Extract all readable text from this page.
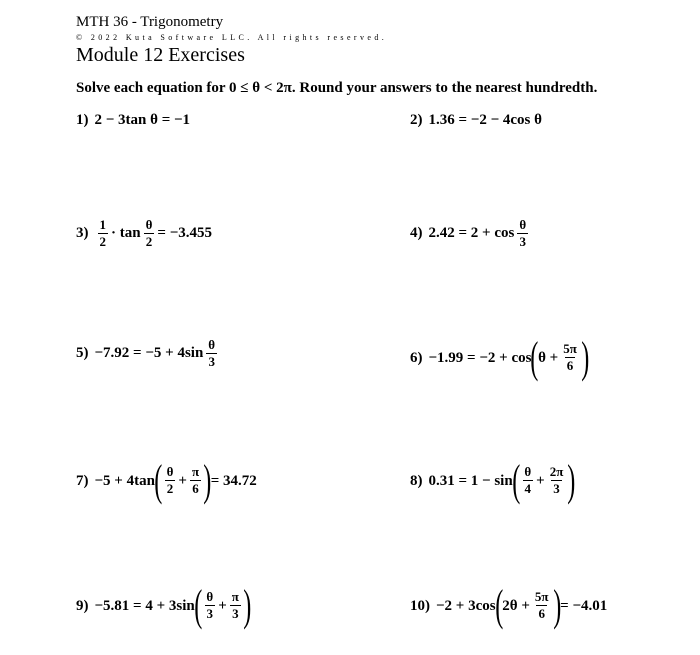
MTH 36 - Trigonometry
© 2022 Kuta Software LLC. All rights reserved.
Module 12 Exercises
Solve each equation for 0 ≤ θ < 2π. Round your answers to the nearest hundredth.
1) 2 − 3tan θ = −1	2) 1.36 = −2 − 4cos θ
$3) \frac{1}{2} \cdot \tan \frac{\theta}{2} = -3.455$	4) $2.42 = 2 + \cos \frac{\theta}{3}$
$5) -7.92 = -5 + 4\sin \frac{\theta}{3}$	6) −1.99 = −2 + cos ( $\theta + \frac{5\pi}{6}$ )
7) −5 + 4tan ( $\frac{\theta}{2} + \frac{\pi}{6}$ ) = 34.72	8) 0.31 = 1 − sin ( $\frac{\theta}{4} + \frac{2\pi}{3}$ )
9) −5.81 = 4 + 3sin ( $\frac{\theta}{3} + \frac{\pi}{3}$ )	10) −2 + 3cos ( $2\theta + \frac{5\pi}{6}$ ) = −4.01
